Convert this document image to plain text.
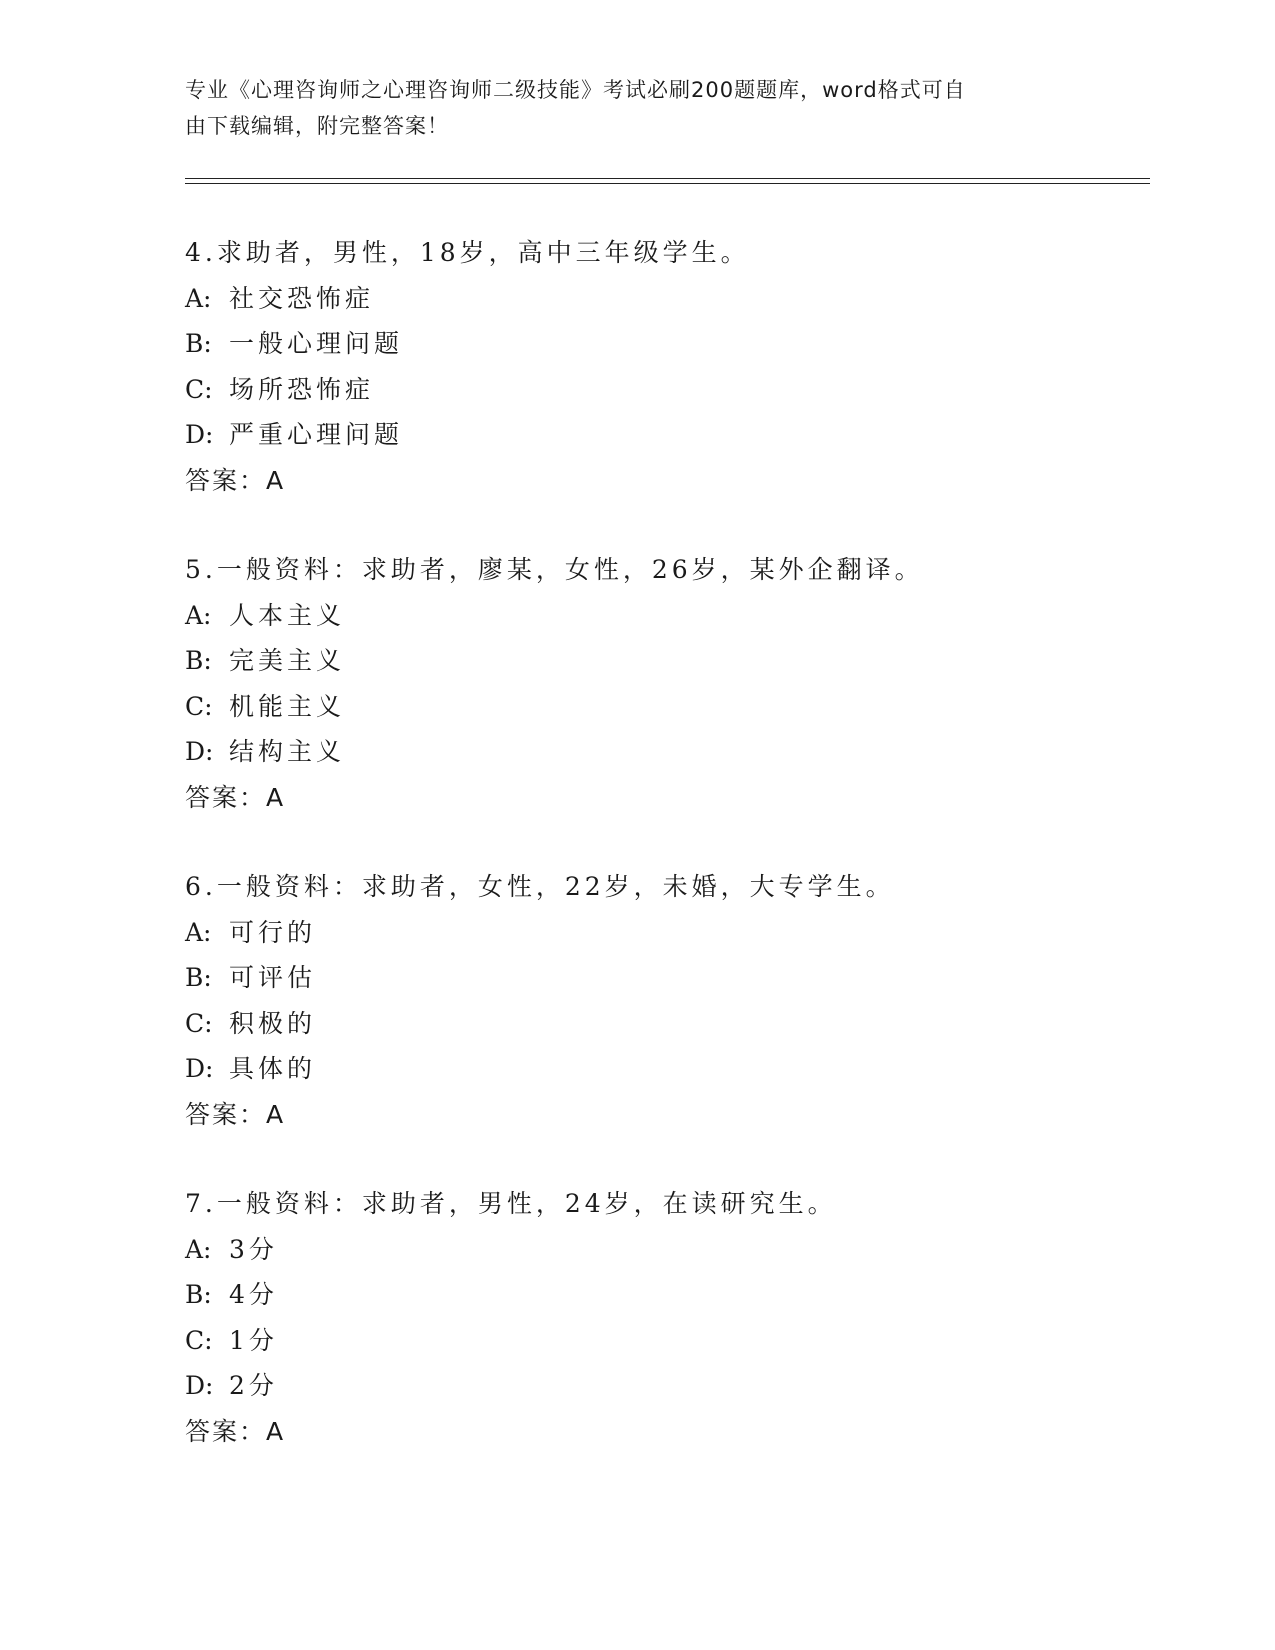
专业《心理咨询师之心理咨询师二级技能》考试必刷200题题库，word格式可自
由下载编辑，附完整答案！
4.求助者，男性，18岁，高中三年级学生。
A: 社交恐怖症
B: 一般心理问题
C: 场所恐怖症
D: 严重心理问题
答案：A
5.一般资料：求助者，廖某，女性，26岁，某外企翻译。
A: 人本主义
B: 完美主义
C: 机能主义
D: 结构主义
答案：A
6.一般资料：求助者，女性，22岁，未婚，大专学生。
A: 可行的
B: 可评估
C: 积极的
D: 具体的
答案：A
7.一般资料：求助者，男性，24岁，在读研究生。
A: 3分
B: 4分
C: 1分
D: 2分
答案：A
